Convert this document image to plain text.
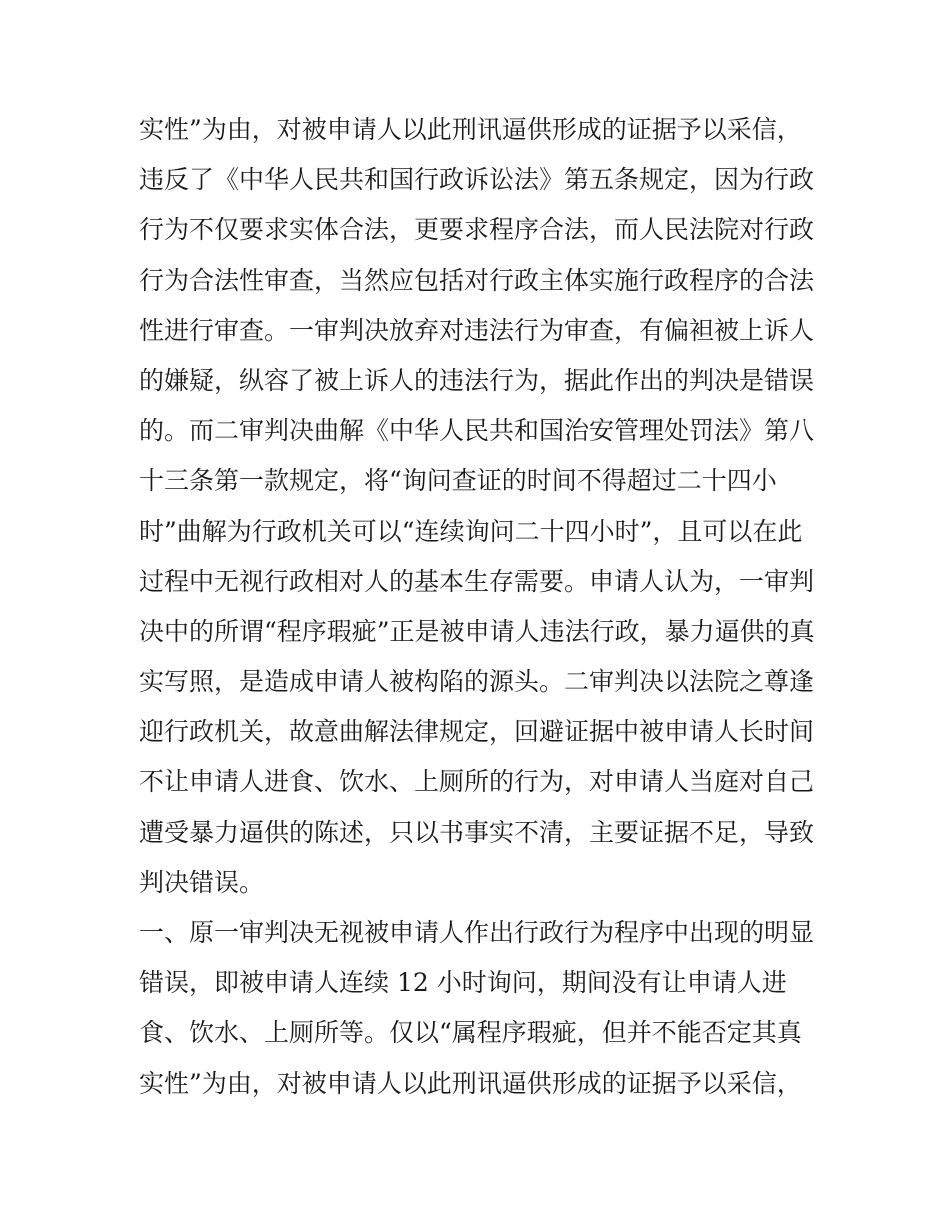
实性”为由，对被申请人以此刑讯逼供形成的证据予以采信，
违反了《中华人民共和国行政诉讼法》第五条规定，因为行政
行为不仅要求实体合法，更要求程序合法，而人民法院对行政
行为合法性审查，当然应包括对行政主体实施行政程序的合法
性进行审查。一审判决放弃对违法行为审查，有偏袒被上诉人
的嫌疑，纵容了被上诉人的违法行为，据此作出的判决是错误
的。而二审判决曲解《中华人民共和国治安管理处罚法》第八
十三条第一款规定，将“询问查证的时间不得超过二十四小
时”曲解为行政机关可以“连续询问二十四小时”，且可以在此
过程中无视行政相对人的基本生存需要。申请人认为，一审判
决中的所谓“程序瑕疵”正是被申请人违法行政，暴力逼供的真
实写照，是造成申请人被构陷的源头。二审判决以法院之尊逢
迎行政机关，故意曲解法律规定，回避证据中被申请人长时间
不让申请人进食、饮水、上厕所的行为，对申请人当庭对自己
遭受暴力逼供的陈述，只以书事实不清，主要证据不足，导致
判决错误。
一、原一审判决无视被申请人作出行政行为程序中出现的明显
错误，即被申请人连续 12 小时询问，期间没有让申请人进
食、饮水、上厕所等。仅以“属程序瑕疵，但并不能否定其真
实性”为由，对被申请人以此刑讯逼供形成的证据予以采信，
